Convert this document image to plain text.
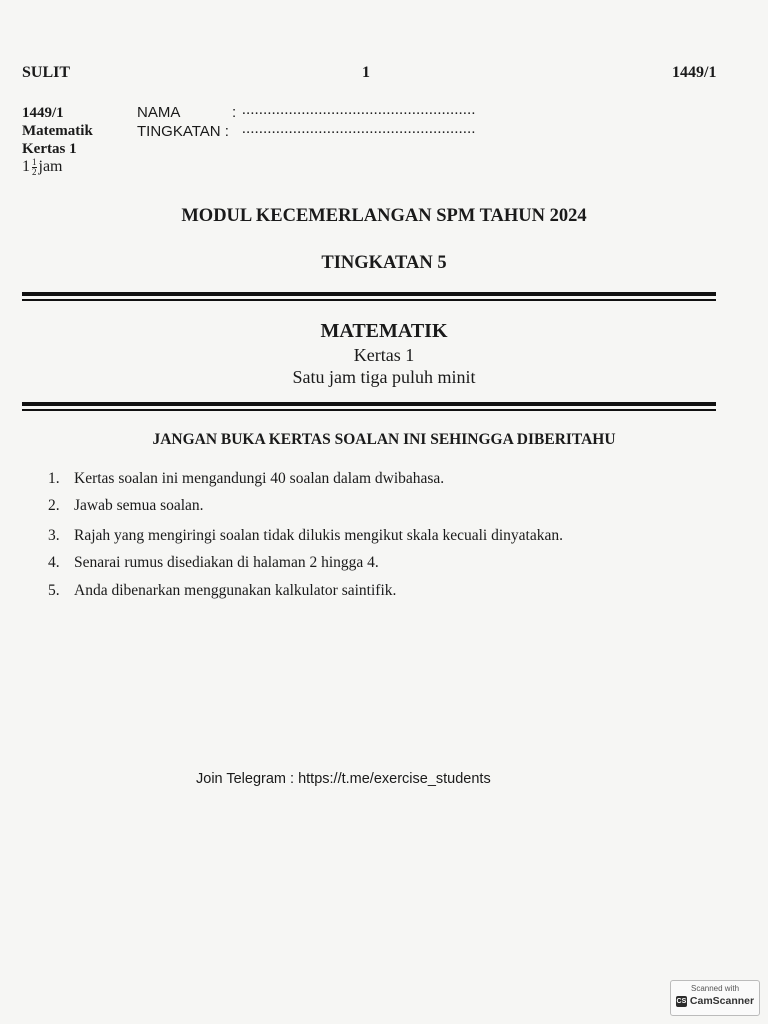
SULIT	1	1449/1
1449/1
Matematik
Kertas 1
$1 \frac{1}{2}$ jam
NAMA	: .......................................................
TINGKATAN : .......................................................
MODUL KECEMERLANGAN SPM TAHUN 2024
TINGKATAN 5
MATEMATIK
Kertas 1
Satu jam tiga puluh minit
JANGAN BUKA KERTAS SOALAN INI SEHINGGA DIBERITAHU
1. Kertas soalan ini mengandungi 40 soalan dalam dwibahasa.
2. Jawab semua soalan.
3. Rajah yang mengiringi soalan tidak dilukis mengikut skala kecuali dinyatakan.
4. Senarai rumus disediakan di halaman 2 hingga 4.
5. Anda dibenarkan menggunakan kalkulator saintifik.
Join Telegram : https://t.me/exercise_students
Scanned with
CS CamScanner
